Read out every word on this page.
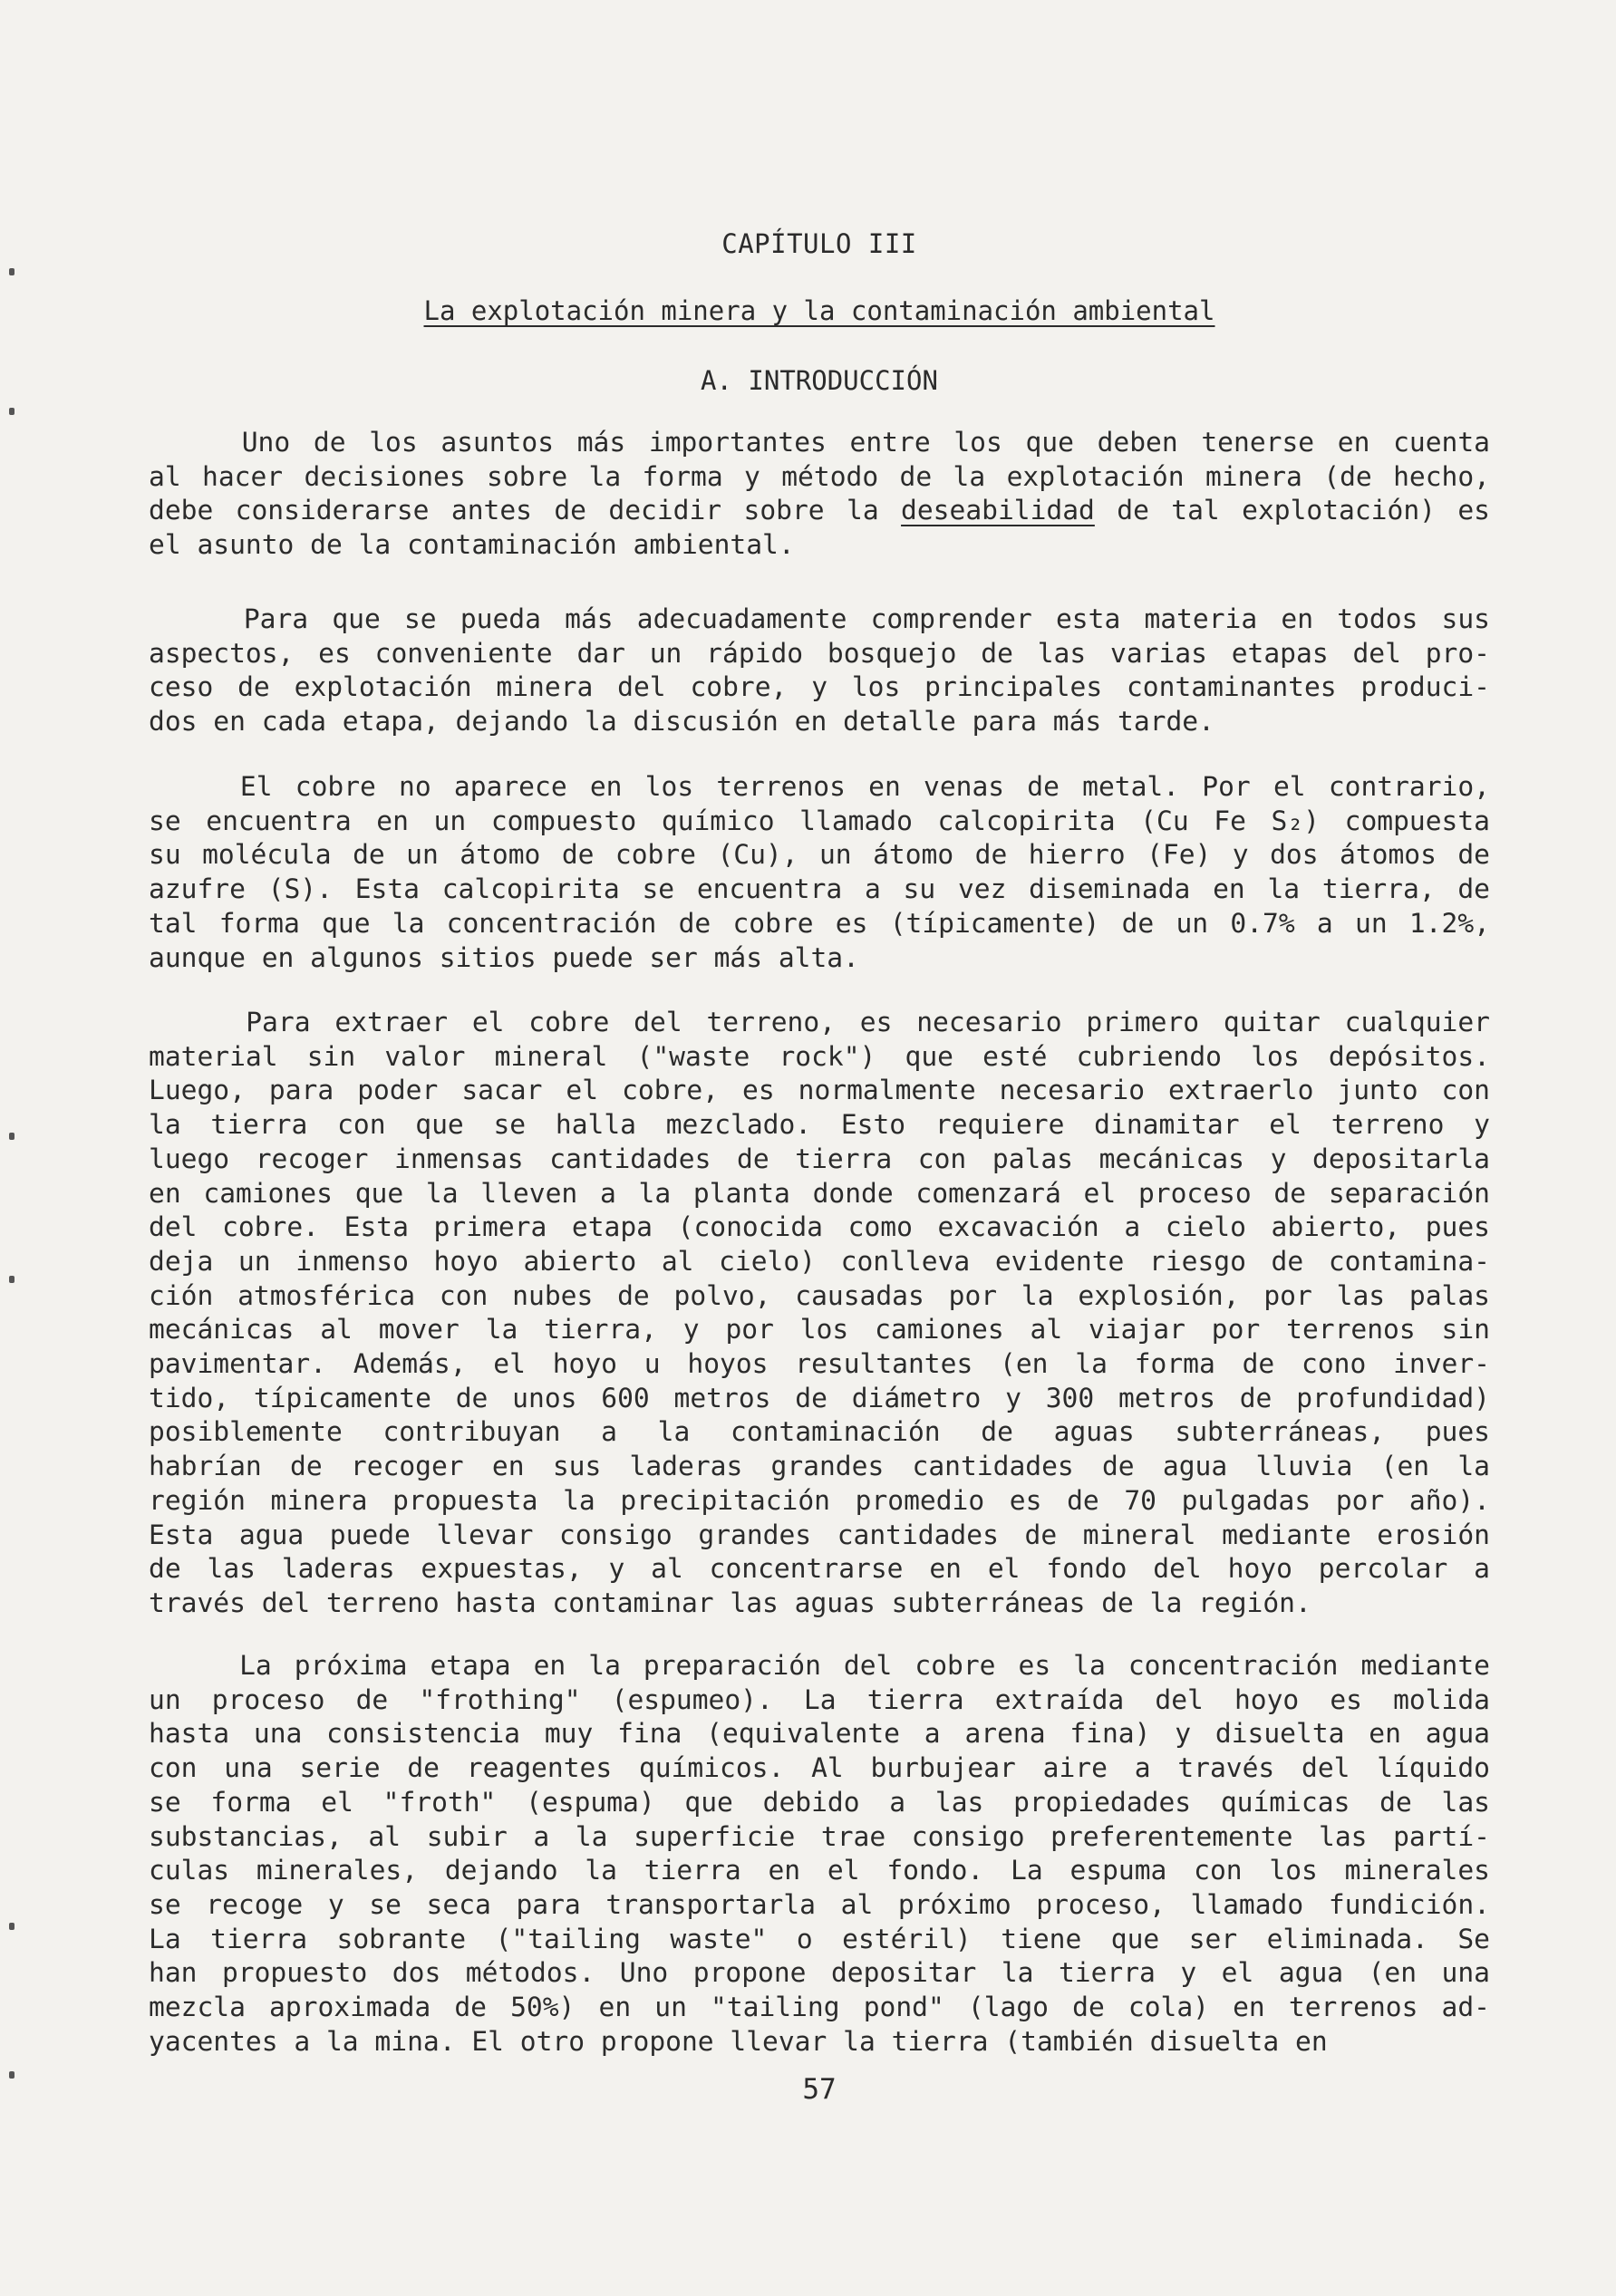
CAPÍTULO III
La explotación minera y la contaminación ambiental
A. INTRODUCCIÓN
Uno de los asuntos más importantes entre los que deben tenerse en cuenta
al hacer decisiones sobre la forma y método de la explotación minera (de hecho,
debe considerarse antes de decidir sobre la deseabilidad de tal explotación) es
el asunto de la contaminación ambiental.
Para que se pueda más adecuadamente comprender esta materia en todos sus
aspectos, es conveniente dar un rápido bosquejo de las varias etapas del pro-
ceso de explotación minera del cobre, y los principales contaminantes produci-
dos en cada etapa, dejando la discusión en detalle para más tarde.
El cobre no aparece en los terrenos en venas de metal. Por el contrario,
se encuentra en un compuesto químico llamado calcopirita (Cu Fe S₂) compuesta
su molécula de un átomo de cobre (Cu), un átomo de hierro (Fe) y dos átomos de
azufre (S). Esta calcopirita se encuentra a su vez diseminada en la tierra, de
tal forma que la concentración de cobre es (típicamente) de un 0.7% a un 1.2%,
aunque en algunos sitios puede ser más alta.
Para extraer el cobre del terreno, es necesario primero quitar cualquier
material sin valor mineral ("waste rock") que esté cubriendo los depósitos.
Luego, para poder sacar el cobre, es normalmente necesario extraerlo junto con
la tierra con que se halla mezclado. Esto requiere dinamitar el terreno y
luego recoger inmensas cantidades de tierra con palas mecánicas y depositarla
en camiones que la lleven a la planta donde comenzará el proceso de separación
del cobre. Esta primera etapa (conocida como excavación a cielo abierto, pues
deja un inmenso hoyo abierto al cielo) conlleva evidente riesgo de contamina-
ción atmosférica con nubes de polvo, causadas por la explosión, por las palas
mecánicas al mover la tierra, y por los camiones al viajar por terrenos sin
pavimentar. Además, el hoyo u hoyos resultantes (en la forma de cono inver-
tido, típicamente de unos 600 metros de diámetro y 300 metros de profundidad)
posiblemente contribuyan a la contaminación de aguas subterráneas, pues
habrían de recoger en sus laderas grandes cantidades de agua lluvia (en la
región minera propuesta la precipitación promedio es de 70 pulgadas por año).
Esta agua puede llevar consigo grandes cantidades de mineral mediante erosión
de las laderas expuestas, y al concentrarse en el fondo del hoyo percolar a
través del terreno hasta contaminar las aguas subterráneas de la región.
La próxima etapa en la preparación del cobre es la concentración mediante
un proceso de "frothing" (espumeo). La tierra extraída del hoyo es molida
hasta una consistencia muy fina (equivalente a arena fina) y disuelta en agua
con una serie de reagentes químicos. Al burbujear aire a través del líquido
se forma el "froth" (espuma) que debido a las propiedades químicas de las
substancias, al subir a la superficie trae consigo preferentemente las partí-
culas minerales, dejando la tierra en el fondo. La espuma con los minerales
se recoge y se seca para transportarla al próximo proceso, llamado fundición.
La tierra sobrante ("tailing waste" o estéril) tiene que ser eliminada. Se
han propuesto dos métodos. Uno propone depositar la tierra y el agua (en una
mezcla aproximada de 50%) en un "tailing pond" (lago de cola) en terrenos ad-
yacentes a la mina. El otro propone llevar la tierra (también disuelta en
57
